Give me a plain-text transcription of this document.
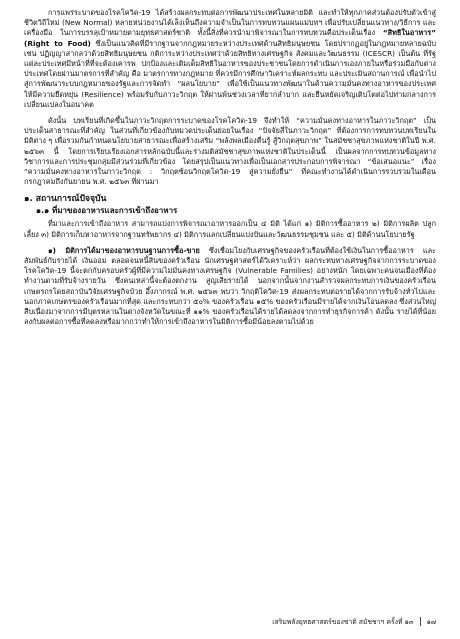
การแพร่ระบาดของโรคโควิด-19 ได้สร้างผลกระทบต่อการพัฒนาประเทศในหลายมิติ และทำให้ทุกภาคส่วนต้องปรับตัวเข้าสู่ชีวิตวิถีใหม่ (New Normal) หลายหน่วยงานได้เล็งเห็นถึงความจำเป็นในการทบทวนแผนแม่บทฯ เพื่อปรับเปลี่ยนแนวทาง/วิธีการ และเครื่องมือ ในการบรรลุเป้าหมายตามยุทธศาสตร์ชาติ ทั้งนี้สิ่งที่ควรนำมาพิจารณาในการทบทวนคือประเด็นเรื่อง “สิทธิในอาหาร” (Right to Food) ซึ่งเป็นแนวคิดที่มีรากฐานจากกฎหมายระหว่างประเทศด้านสิทธิมนุษยชน โดยปรากฏอยู่ในกฎหมายหลายฉบับ เช่น ปฏิญญาสากลว่าด้วยสิทธิมนุษยชน กติการะหว่างประเทศว่าด้วยสิทธิทางเศรษฐกิจ สังคมและวัฒนธรรม (ICESCR) เป็นต้น ที่รัฐแต่ละประเทศมีหน้าที่ที่จะต้องเคารพ ปกป้องและเติมเต็มสิทธิในอาหารของประชาชนโดยการดำเนินการเองภายในหรือร่วมมือกับต่างประเทศโดยผ่านมาตรการที่สำคัญ คือ มาตรการทางกฎหมาย ที่ควรมีการศึกษาวิเคราะห์ผลกระทบ และประเมินสถานการณ์ เพื่อนำไปสู่การพัฒนาระบบกฎหมายของรัฐและการจัดทำ “ผลนโยบาย” เพื่อใช้เป็นแนวทางพัฒนาในด้านความมั่นคงทางอาหารของประเทศ ให้มีความยืดหยุ่น (Resilience) พร้อมรับกับภาวะวิกฤต ให้ผ่านพ้นช่วงเวลาที่ยากลำบาก และยืนหยัดเจริญเติบโตต่อไปท่ามกลางการเปลี่ยนแปลงในอนาคต

ดังนั้น บทเรียนที่เกิดขึ้นในภาวะวิกฤตการระบาดของโรคโควิด-19 จึงทำให้ “ความมั่นคงทางอาหารในภาวะวิกฤต” เป็นประเด็นสาธารณะที่สำคัญ ในส่วนที่เกี่ยวข้องกับหมวดประเด็นย่อยในเรื่อง “ปัจจัยสี่ในภาวะวิกฤต” ที่ต้องการการทบทวนบทเรียนในมิติต่าง ๆ เพื่อรวมกันกำหนดนโยบายสาธารณะเพื่อสร้างเสริม “พลังพลเมืองตื่นรู้ สู้วิกฤตสุขภาพ” ในสมัชชาสุขภาพแห่งชาติในปี พ.ศ. ๒๕๖๓ นี้ โดยการเรียบเรียงเอกสารหลักฉบับนี้และร่างมติสมัชชาสุขภาพแห่งชาติในประเด็นนี้ เป็นผลจากการทบทวนข้อมูลทางวิชาการและการประชุมกลุ่มมีส่วนร่วมที่เกี่ยวข้อง โดยสรุปเป็นแนวทางเพื่อเป็นเอกสารประกอบการพิจารณา “ข้อเสนอแนะ” เรื่อง “ความมั่นคงทางอาหารในภาวะวิกฤต : วิกฤตซ้อนวิกฤตโควิด-19 สู่ความยั่งยืน” ที่คณะทำงานได้ดำเนินการรวบรวมในเดือนกรกฎาคมถึงกันยายน พ.ศ. ๒๕๖๓ ที่ผ่านมา

๑. สถานการณ์ปัจจุบัน
๑.๑ ที่มาของอาหารและการเข้าถึงอาหาร

ที่มาและการเข้าถึงอาหาร สามารถแบ่งการพิจารณาอาหารออกเป็น ๔ มิติ ได้แก่ ๑) มิติการซื้ออาหาร ๒) มิติการผลิต ปลูกเลี้ยง ๓) มิติการเก็บหาอาหารจากฐานทรัพยากร ๔) มิติการแลกเปลี่ยนแบ่งปันและวัฒนธรรมชุมชน และ ๕) มิติด้านนโยบายรัฐ

๑) มิติการได้มาของอาหารบนฐานการซื้อ-ขาย ซึ่งเชื่อมโยงกับเศรษฐกิจของครัวเรือนที่ต้องใช้เงินในการซื้ออาหาร และสัมพันธ์กับรายได้ เงินออม ตลอดจนหนี้สินของครัวเรือน นักเศรษฐศาสตร์ได้วิเคราะห์ว่า ผลกระทบทางเศรษฐกิจจากการระบาดของโรคโควิด-19 นี้จะตกกับครอบครัวผู้ที่มีความไม่มั่นคงทางเศรษฐกิจ (Vulnerable Families) อย่างหนัก โดยเฉพาะคนจนเมืองที่ต้องทำงานตามที่รับจ้างรายวัน ซึ่งคนเหล่านี้จะต้องตกงาน สูญเสียรายได้ นอกจากนั้นจากงานสำรวจผลกระทบการเงินของครัวเรือนเกษตรกรโดยสถาบันวิจัยเศรษฐกิจป๋วย อึ๊งภากรณ์ พ.ศ. ๒๕๖๓ พบว่า วิกฤติโควิด-19 ส่งผลกระทบต่อรายได้จากการรับจ้างทั่วไปและนอกภาคเกษตรของครัวเรือนมากที่สุด และกระทบกว่า ๕๐% ของครัวเรือน ๑๕% ของครัวเรือนมีรายได้จากเงินโอนลดลง ซึ่งส่วนใหญ่สืบเนื่องมาจากการมีบุตรหลานในต่างจังหวัดในขณะที่ ๑๑% ของครัวเรือนได้รายได้ลดลงจากการทำธุรกิจการค้า ดังนั้น รายได้ที่น้อยลงกับผลต่อการซื้อที่ลดลงหรือมากกว่าทำให้การเข้าถึงอาหารในมิติการซื้อมีน้อยลงตามไปด้วย

เสริมพลังยุทธศาสตร์ของชาติ สมัชชาฯ ครั้งที่ ๑๓ ๑๗
